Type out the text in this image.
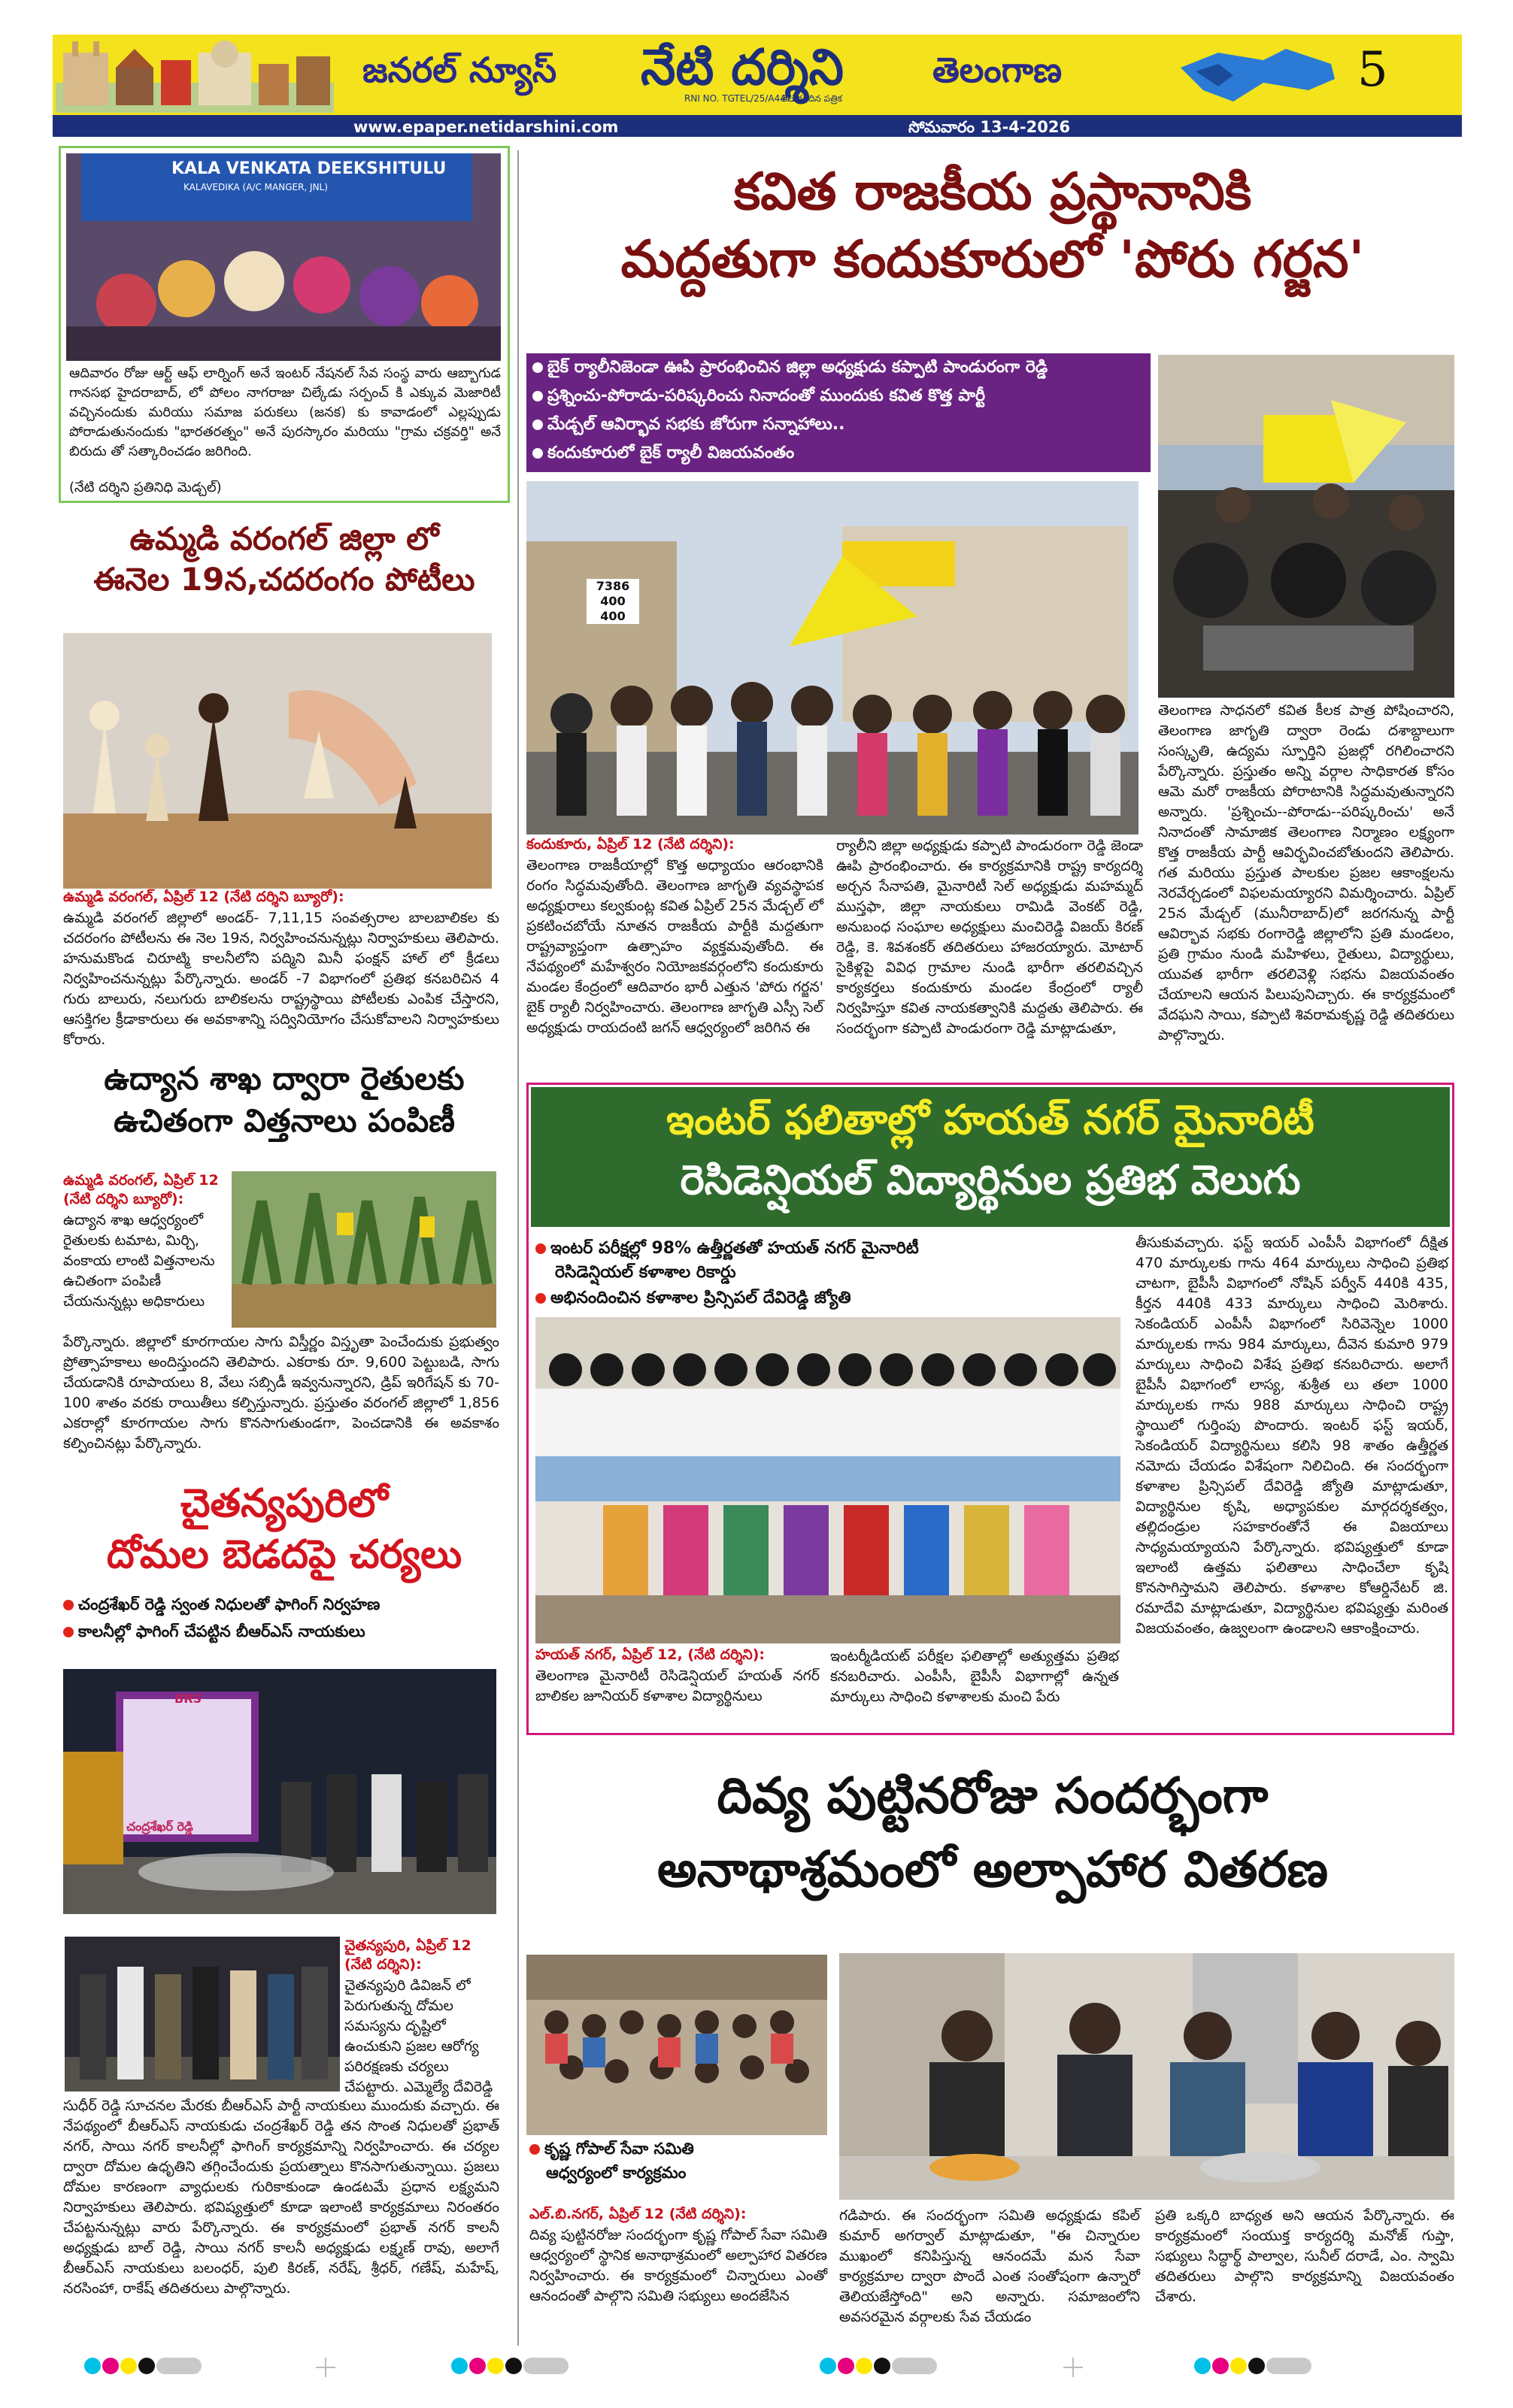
జనరల్ న్యూస్ నేటి దర్శిని
RNI NO. TGTEL/25/A4471
తెలుగు దిన పత్రిక
తెలంగాణ	5
www.epaper.netidarshini.com	సోమవారం 13-4-2026
KALA VENKATA DEEKSHITULU
KALAVEDIKA (A/C MANGER, JNL)
ఆదివారం రోజు ఆర్ట్ ఆఫ్ లార్నింగ్ అనే ఇంటర్ నేషనల్ సేవ సంస్థ వారు ఆబ్బాగుడ గానసభ హైదరాబాద్, లో పోలం నాగరాజు చిల్కేడు సర్పంచ్ కి ఎక్కువ మెజారిటీ వచ్చినందుకు మరియు సమాజ పరుకలు (జనక) కు కావాడంలో ఎల్లప్పుడు పోరాడుతునందుకు "భారతరత్నం" అనే పురస్కారం మరియు "గ్రామ చక్రవర్తి" అనే బిరుదు తో సత్కారించడం జరిగింది.
(నేటి దర్శిని ప్రతినిధి మెడ్చల్)
ఉమ్మడి వరంగల్ జిల్లా లో
ఈనెల 19న,చదరంగం పోటీలు
ఉమ్మడి వరంగల్, ఏప్రిల్ 12 (నేటి దర్శిని బ్యూరో):
ఉమ్మడి వరంగల్ జిల్లాలో అండర్- 7,11,15 సంవత్సరాల బాలబాలికల కు చదరంగం పోటీలను ఈ నెల 19న, నిర్వహించనున్నట్లు నిర్వాహకులు తెలిపారు. హనుమకొండ చిరూట్మి కాలనీలోని పద్మిని మినీ ఫంక్షన్ హాల్ లో క్రీడలు నిర్వహించనున్నట్లు పేర్కొన్నారు. అండర్ -7 విభాగంలో ప్రతిభ కనబరిచిన 4 గురు బాలురు, నలుగురు బాలికలను రాష్ట్రస్థాయి పోటీలకు ఎంపిక చేస్తారని, ఆసక్తిగల క్రీడాకారులు ఈ అవకాశాన్ని సద్వినియోగం చేసుకోవాలని నిర్వాహకులు కోరారు.
ఉద్యాన శాఖ ద్వారా రైతులకు
ఉచితంగా విత్తనాలు పంపిణీ
ఉమ్మడి వరంగల్, ఏప్రిల్ 12 (నేటి దర్శిని బ్యూరో):
ఉద్యాన శాఖ ఆధ్వర్యంలో రైతులకు టమాట, మిర్చి, వంకాయ లాంటి విత్తనాలను ఉచితంగా పంపిణీ చేయనున్నట్లు అధికారులు
పేర్కొన్నారు. జిల్లాలో కూరగాయల సాగు విస్తీర్ణం విస్తృతా పెంచేందుకు ప్రభుత్వం ప్రోత్సాహకాలు అందిస్తుందని తెలిపారు. ఎకరాకు రూ. 9,600 పెట్టుబడి, సాగు చేయడానికి రూపాయలు 8, వేలు సబ్సిడీ ఇవ్వనున్నారని, డ్రిప్ ఇరిగేషన్ కు 70-100 శాతం వరకు రాయితీలు కల్పిస్తున్నారు. ప్రస్తుతం వరంగల్ జిల్లాలో 1,856 ఎకరాల్లో కూరగాయల సాగు కొనసాగుతుండగా, పెంచడానికి ఈ అవకాశం కల్పించినట్లు పేర్కొన్నారు.
చైతన్యపురిలో
దోమల బెడదపై చర్యలు
చంద్రశేఖర్ రెడ్డి స్వంత నిధులతో ఫాగింగ్ నిర్వహణ
కాలనీల్లో ఫాగింగ్ చేపట్టిన బీఆర్ఎస్ నాయకులు
BRS
చంద్రశేఖర్ రెడ్డి
చైతన్యపురి, ఏప్రిల్ 12 (నేటి దర్శిని):
చైతన్యపురి డివిజన్ లో పెరుగుతున్న దోమల సమస్యను దృష్టిలో ఉంచుకుని ప్రజల ఆరోగ్య పరిరక్షణకు చర్యలు చేపట్టారు. ఎమ్మెల్యే దేవిరెడ్డి
సుధీర్ రెడ్డి సూచనల మేరకు బీఆర్ఎస్ పార్టీ నాయకులు ముందుకు వచ్చారు. ఈ నేపథ్యంలో బీఆర్ఎస్ నాయకుడు చంద్రశేఖర్ రెడ్డి తన సొంత నిధులతో ప్రభాత్ నగర్, సాయి నగర్ కాలనీల్లో ఫాగింగ్ కార్యక్రమాన్ని నిర్వహించారు. ఈ చర్యల ద్వారా దోమల ఉధృతిని తగ్గించేందుకు ప్రయత్నాలు కొనసాగుతున్నాయి. ప్రజలు దోమల కారణంగా వ్యాధులకు గురికాకుండా ఉండటమే ప్రధాన లక్ష్యమని నిర్వాహకులు తెలిపారు. భవిష్యత్తులో కూడా ఇలాంటి కార్యక్రమాలు నిరంతరం చేపట్టనున్నట్లు వారు పేర్కొన్నారు. ఈ కార్యక్రమంలో ప్రభాత్ నగర్ కాలనీ అధ్యక్షుడు బాల్ రెడ్డి, సాయి నగర్ కాలనీ అధ్యక్షుడు లక్ష్మణ్ రావు, అలాగే బీఆర్ఎస్ నాయకులు బలంధర్, పులి కిరణ్, నరేష్, శ్రీధర్, గణేష్, మహేష్, నరసింహా, రాకేష్ తదితరులు పాల్గొన్నారు.
కవిత రాజకీయ ప్రస్థానానికి
మద్దతుగా కందుకూరులో 'పోరు గర్జన'
బైక్ ర్యాలీనిజెండా ఊపి ప్రారంభించిన జిల్లా అధ్యక్షుడు కప్పాటి పాండురంగా రెడ్డి
ప్రశ్నించు-పోరాడు-పరిష్కరించు నినాదంతో ముందుకు కవిత కొత్త పార్టీ
మేడ్చల్ ఆవిర్భావ సభకు జోరుగా సన్నాహాలు..
కందుకూరులో బైక్ ర్యాలీ విజయవంతం
7386 400 400
కందుకూరు, ఏప్రిల్ 12 (నేటి దర్శిని):
తెలంగాణ రాజకీయాల్లో కొత్త అధ్యాయం ఆరంభానికి రంగం సిద్ధమవుతోంది. తెలంగాణ జాగృతి వ్యవస్థాపక అధ్యక్షురాలు కల్వకుంట్ల కవిత ఏప్రిల్ 25న మేడ్చల్ లో ప్రకటించబోయే నూతన రాజకీయ పార్టీకి మద్దతుగా రాష్ట్రవ్యాప్తంగా ఉత్సాహం వ్యక్తమవుతోంది. ఈ నేపథ్యంలో మహేశ్వరం నియోజకవర్గంలోని కందుకూరు మండల కేంద్రంలో ఆదివారం భారీ ఎత్తున 'పోరు గర్జన' బైక్ ర్యాలీ నిర్వహించారు. తెలంగాణ జాగృతి ఎస్సీ సెల్ అధ్యక్షుడు రాయదంటి జగన్ ఆధ్వర్యంలో జరిగిన ఈ
ర్యాలీని జిల్లా అధ్యక్షుడు కప్పాటి పాండురంగా రెడ్డి జెండా ఊపి ప్రారంభించారు. ఈ కార్యక్రమానికి రాష్ట్ర కార్యదర్శి అర్చన సేనాపతి, మైనారిటీ సెల్ అధ్యక్షుడు మహమ్మద్ ముస్తఫా, జిల్లా నాయకులు రామిడి వెంకట్ రెడ్డి, అనుబంధ సంఘాల అధ్యక్షులు మంచిరెడ్డి విజయ్ కిరణ్ రెడ్డి, కె. శివశంకర్ తదితరులు హాజరయ్యారు. మోటార్ సైకిళ్లపై వివిధ గ్రామాల నుండి భారీగా తరలివచ్చిన కార్యకర్తలు కందుకూరు మండల కేంద్రంలో ర్యాలీ నిర్వహిస్తూ కవిత నాయకత్వానికి మద్దతు తెలిపారు. ఈ సందర్భంగా కప్పాటి పాండురంగా రెడ్డి మాట్లాడుతూ,
తెలంగాణ సాధనలో కవిత కీలక పాత్ర పోషించారని, తెలంగాణ జాగృతి ద్వారా రెండు దశాబ్దాలుగా సంస్కృతి, ఉద్యమ స్ఫూర్తిని ప్రజల్లో రగిలించారని పేర్కొన్నారు. ప్రస్తుతం అన్ని వర్గాల సాధికారత కోసం ఆమె మరో రాజకీయ పోరాటానికి సిద్ధమవుతున్నారని అన్నారు. 'ప్రశ్నించు--పోరాడు--పరిష్కరించు' అనే నినాదంతో సామాజిక తెలంగాణ నిర్మాణం లక్ష్యంగా కొత్త రాజకీయ పార్టీ ఆవిర్భవించబోతుందని తెలిపారు. గత మరియు ప్రస్తుత పాలకుల ప్రజల ఆకాంక్షలను నెరవేర్చడంలో విఫలమయ్యారని విమర్శించారు. ఏప్రిల్ 25న మేడ్చల్ (మునీరాబాద్)లో జరగనున్న పార్టీ ఆవిర్భావ సభకు రంగారెడ్డి జిల్లాలోని ప్రతి మండలం, ప్రతి గ్రామం నుండి మహిళలు, రైతులు, విద్యార్థులు, యువత భారీగా తరలివెళ్లి సభను విజయవంతం చేయాలని ఆయన పిలుపునిచ్చారు. ఈ కార్యక్రమంలో వేదఘని సాయి, కప్పాటి శివరామకృష్ణ రెడ్డి తదితరులు పాల్గొన్నారు.
ఇంటర్ ఫలితాల్లో హయత్ నగర్ మైనారిటీ
రెసిడెన్షియల్ విద్యార్థినుల ప్రతిభ వెలుగు
ఇంటర్ పరీక్షల్లో 98% ఉత్తీర్ణతతో హయత్ నగర్ మైనారిటీ
రెసిడెన్షియల్ కళాశాల రికార్డు
అభినందించిన కళాశాల ప్రిన్సిపల్ దేవిరెడ్డి జ్యోతి
హయత్ నగర్, ఏప్రిల్ 12, (నేటి దర్శిని):
తెలంగాణ మైనారిటీ రెసిడెన్షియల్ హయత్ నగర్ బాలికల జూనియర్ కళాశాల విద్యార్థినులు
ఇంటర్మీడియట్ పరీక్షల ఫలితాల్లో అత్యుత్తమ ప్రతిభ కనబరిచారు. ఎంపీసీ, బైపీసీ విభాగాల్లో ఉన్నత మార్కులు సాధించి కళాశాలకు మంచి పేరు
తీసుకువచ్చారు. ఫస్ట్ ఇయర్ ఎంపీసీ విభాగంలో దీక్షిత 470 మార్కులకు గాను 464 మార్కులు సాధించి ప్రతిభ చాటగా, బైపీసీ విభాగంలో నోషిన్ పర్వీన్ 440కి 435, కీర్తన 440కి 433 మార్కులు సాధించి మెరిశారు. సెకండియర్ ఎంపీసీ విభాగంలో సిరివెన్నెల 1000 మార్కులకు గాను 984 మార్కులు, దీవెన కుమారి 979 మార్కులు సాధించి విశేష ప్రతిభ కనబరిచారు. అలాగే బైపీసీ విభాగంలో లాస్య, శుశ్రీత లు తలా 1000 మార్కులకు గాను 988 మార్కులు సాధించి రాష్ట్ర స్థాయిలో గుర్తింపు పొందారు. ఇంటర్ ఫస్ట్ ఇయర్, సెకండియర్ విద్యార్థినులు కలిసి 98 శాతం ఉత్తీర్ణత నమోదు చేయడం విశేషంగా నిలిచింది. ఈ సందర్భంగా కళాశాల ప్రిన్సిపల్ దేవిరెడ్డి జ్యోతి మాట్లాడుతూ, విద్యార్థినుల కృషి, అధ్యాపకుల మార్గదర్శకత్వం, తల్లిదండ్రుల సహకారంతోనే ఈ విజయాలు సాధ్యమయ్యాయని పేర్కొన్నారు. భవిష్యత్తులో కూడా ఇలాంటి ఉత్తమ ఫలితాలు సాధించేలా కృషి కొనసాగిస్తామని తెలిపారు. కళాశాల కోఆర్డినేటర్ జి. రమాదేవి మాట్లాడుతూ, విద్యార్థినుల భవిష్యత్తు మరింత విజయవంతం, ఉజ్వలంగా ఉండాలని ఆకాంక్షించారు.
దివ్య పుట్టినరోజు సందర్భంగా
అనాథాశ్రమంలో అల్పాహార వితరణ
కృష్ణ గోపాల్ సేవా సమితి
ఆధ్వర్యంలో కార్యక్రమం
ఎల్.బి.నగర్, ఏప్రిల్ 12 (నేటి దర్శిని):
దివ్య పుట్టినరోజు సందర్భంగా కృష్ణ గోపాల్ సేవా సమితి ఆధ్వర్యంలో స్థానిక అనాథాశ్రమంలో అల్పాహార వితరణ నిర్వహించారు. ఈ కార్యక్రమంలో చిన్నారులు ఎంతో ఆనందంతో పాల్గొని సమితి సభ్యులు అందజేసిన
గడిపారు. ఈ సందర్భంగా సమితి అధ్యక్షుడు కపిల్ కుమార్ అగర్వాల్ మాట్లాడుతూ, "ఈ చిన్నారుల ముఖంలో కనిపిస్తున్న ఆనందమే మన సేవా కార్యక్రమాల ద్వారా పొందే ఎంత సంతోషంగా ఉన్నారో తెలియజేస్తోంది" అని అన్నారు. సమాజంలోని అవసరమైన వర్గాలకు సేవ చేయడం
ప్రతి ఒక్కరి బాధ్యత అని ఆయన పేర్కొన్నారు. ఈ కార్యక్రమంలో సంయుక్త కార్యదర్శి మనోజ్ గుప్తా, సభ్యులు సిద్ధార్థ్ పాల్వాల, సునీల్ దరాడే, ఎం. స్వామి తదితరులు పాల్గొని కార్యక్రమాన్ని విజయవంతం చేశారు.
